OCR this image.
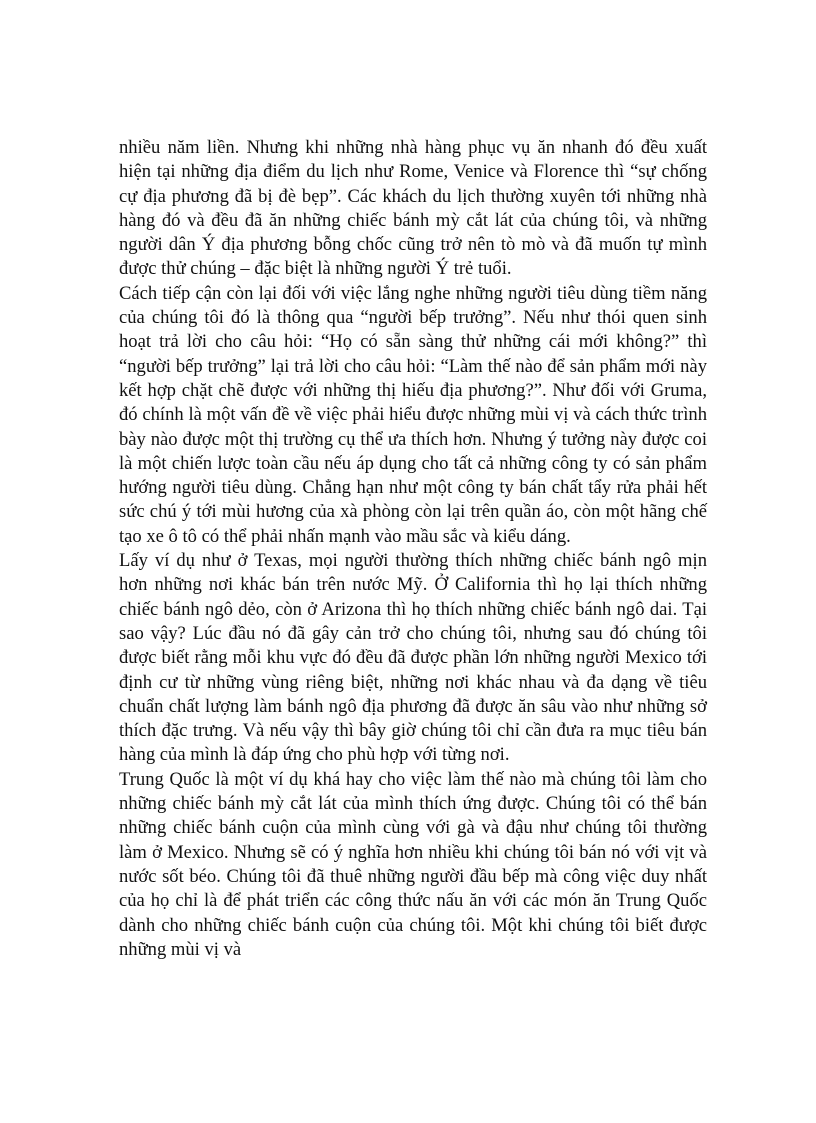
nhiều năm liền. Nhưng khi những nhà hàng phục vụ ăn nhanh đó đều xuất hiện tại những địa điểm du lịch như Rome, Venice và Florence thì “sự chống cự địa phương đã bị đè bẹp”. Các khách du lịch thường xuyên tới những nhà hàng đó và đều đã ăn những chiếc bánh mỳ cắt lát của chúng tôi, và những người dân Ý địa phương bỗng chốc cũng trở nên tò mò và đã muốn tự mình được thử chúng – đặc biệt là những người Ý trẻ tuổi.

Cách tiếp cận còn lại đối với việc lắng nghe những người tiêu dùng tiềm năng của chúng tôi đó là thông qua “người bếp trưởng”. Nếu như thói quen sinh hoạt trả lời cho câu hỏi: “Họ có sẵn sàng thử những cái mới không?” thì “người bếp trưởng” lại trả lời cho câu hỏi: “Làm thế nào để sản phẩm mới này kết hợp chặt chẽ được với những thị hiếu địa phương?”. Như đối với Gruma, đó chính là một vấn đề về việc phải hiểu được những mùi vị và cách thức trình bày nào được một thị trường cụ thể ưa thích hơn. Nhưng ý tưởng này được coi là một chiến lược toàn cầu nếu áp dụng cho tất cả những công ty có sản phẩm hướng người tiêu dùng. Chẳng hạn như một công ty bán chất tẩy rửa phải hết sức chú ý tới mùi hương của xà phòng còn lại trên quần áo, còn một hãng chế tạo xe ô tô có thể phải nhấn mạnh vào mầu sắc và kiểu dáng.

Lấy ví dụ như ở Texas, mọi người thường thích những chiếc bánh ngô mịn hơn những nơi khác bán trên nước Mỹ. Ở California thì họ lại thích những chiếc bánh ngô dẻo, còn ở Arizona thì họ thích những chiếc bánh ngô dai. Tại sao vậy? Lúc đầu nó đã gây cản trở cho chúng tôi, nhưng sau đó chúng tôi được biết rằng mỗi khu vực đó đều đã được phần lớn những người Mexico tới định cư từ những vùng riêng biệt, những nơi khác nhau và đa dạng về tiêu chuẩn chất lượng làm bánh ngô địa phương đã được ăn sâu vào như những sở thích đặc trưng. Và nếu vậy thì bây giờ chúng tôi chỉ cần đưa ra mục tiêu bán hàng của mình là đáp ứng cho phù hợp với từng nơi.

Trung Quốc là một ví dụ khá hay cho việc làm thế nào mà chúng tôi làm cho những chiếc bánh mỳ cắt lát của mình thích ứng được. Chúng tôi có thể bán những chiếc bánh cuộn của mình cùng với gà và đậu như chúng tôi thường làm ở Mexico. Nhưng sẽ có ý nghĩa hơn nhiều khi chúng tôi bán nó với vịt và nước sốt béo. Chúng tôi đã thuê những người đầu bếp mà công việc duy nhất của họ chỉ là để phát triển các công thức nấu ăn với các món ăn Trung Quốc dành cho những chiếc bánh cuộn của chúng tôi. Một khi chúng tôi biết được những mùi vị và
